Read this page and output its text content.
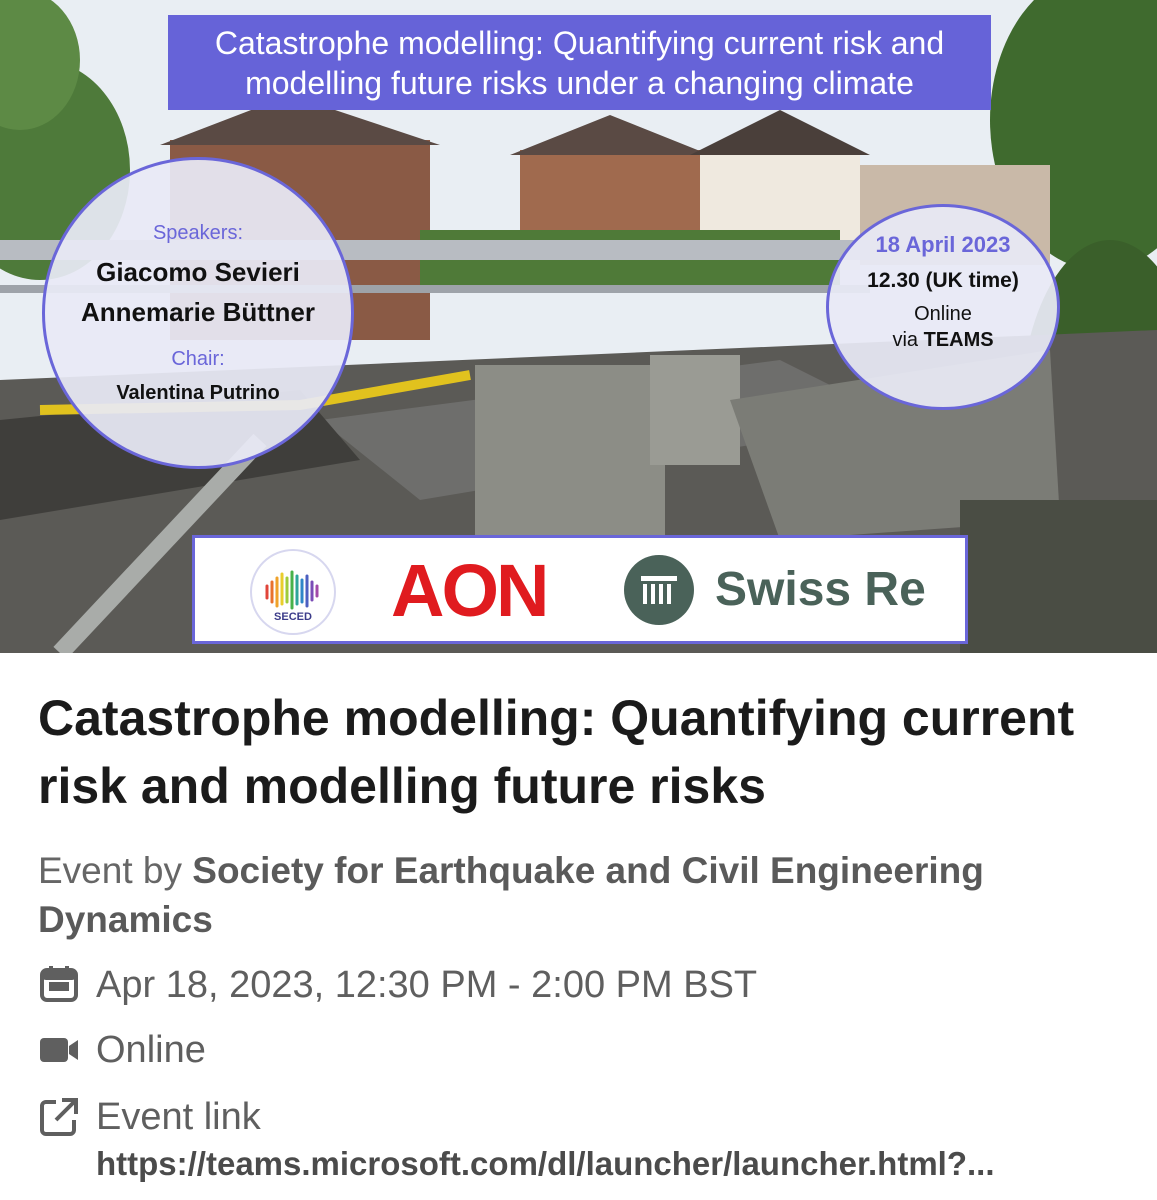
Catastrophe modelling: Quantifying current risk and
modelling future risks under a changing climate
Speakers:
Giacomo Sevieri
Annemarie Büttner
Chair:
Valentina Putrino
18 April 2023
12.30 (UK time)
Online
via TEAMS
SECED AON	Swiss Re
Catastrophe modelling: Quantifying current risk and modelling future risks
Event by Society for Earthquake and Civil Engineering Dynamics
Apr 18, 2023, 12:30 PM - 2:00 PM BST
Online
Event link
https://teams.microsoft.com/dl/launcher/launcher.html?...
